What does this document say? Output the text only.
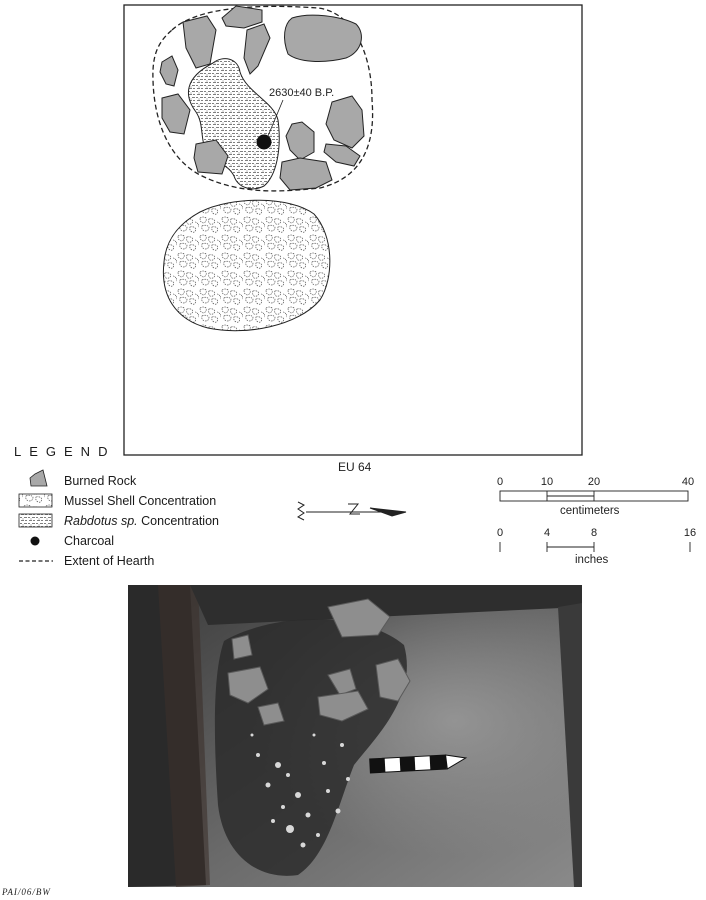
2630±40 B.P.
EU 64
LEGEND
Burned Rock
Mussel Shell Concentration
Rabdotus sp. Concentration
Charcoal
Extent of Hearth
0	10	20	40
centimeters
0	4	8	16
inches
PAI/06/BW
